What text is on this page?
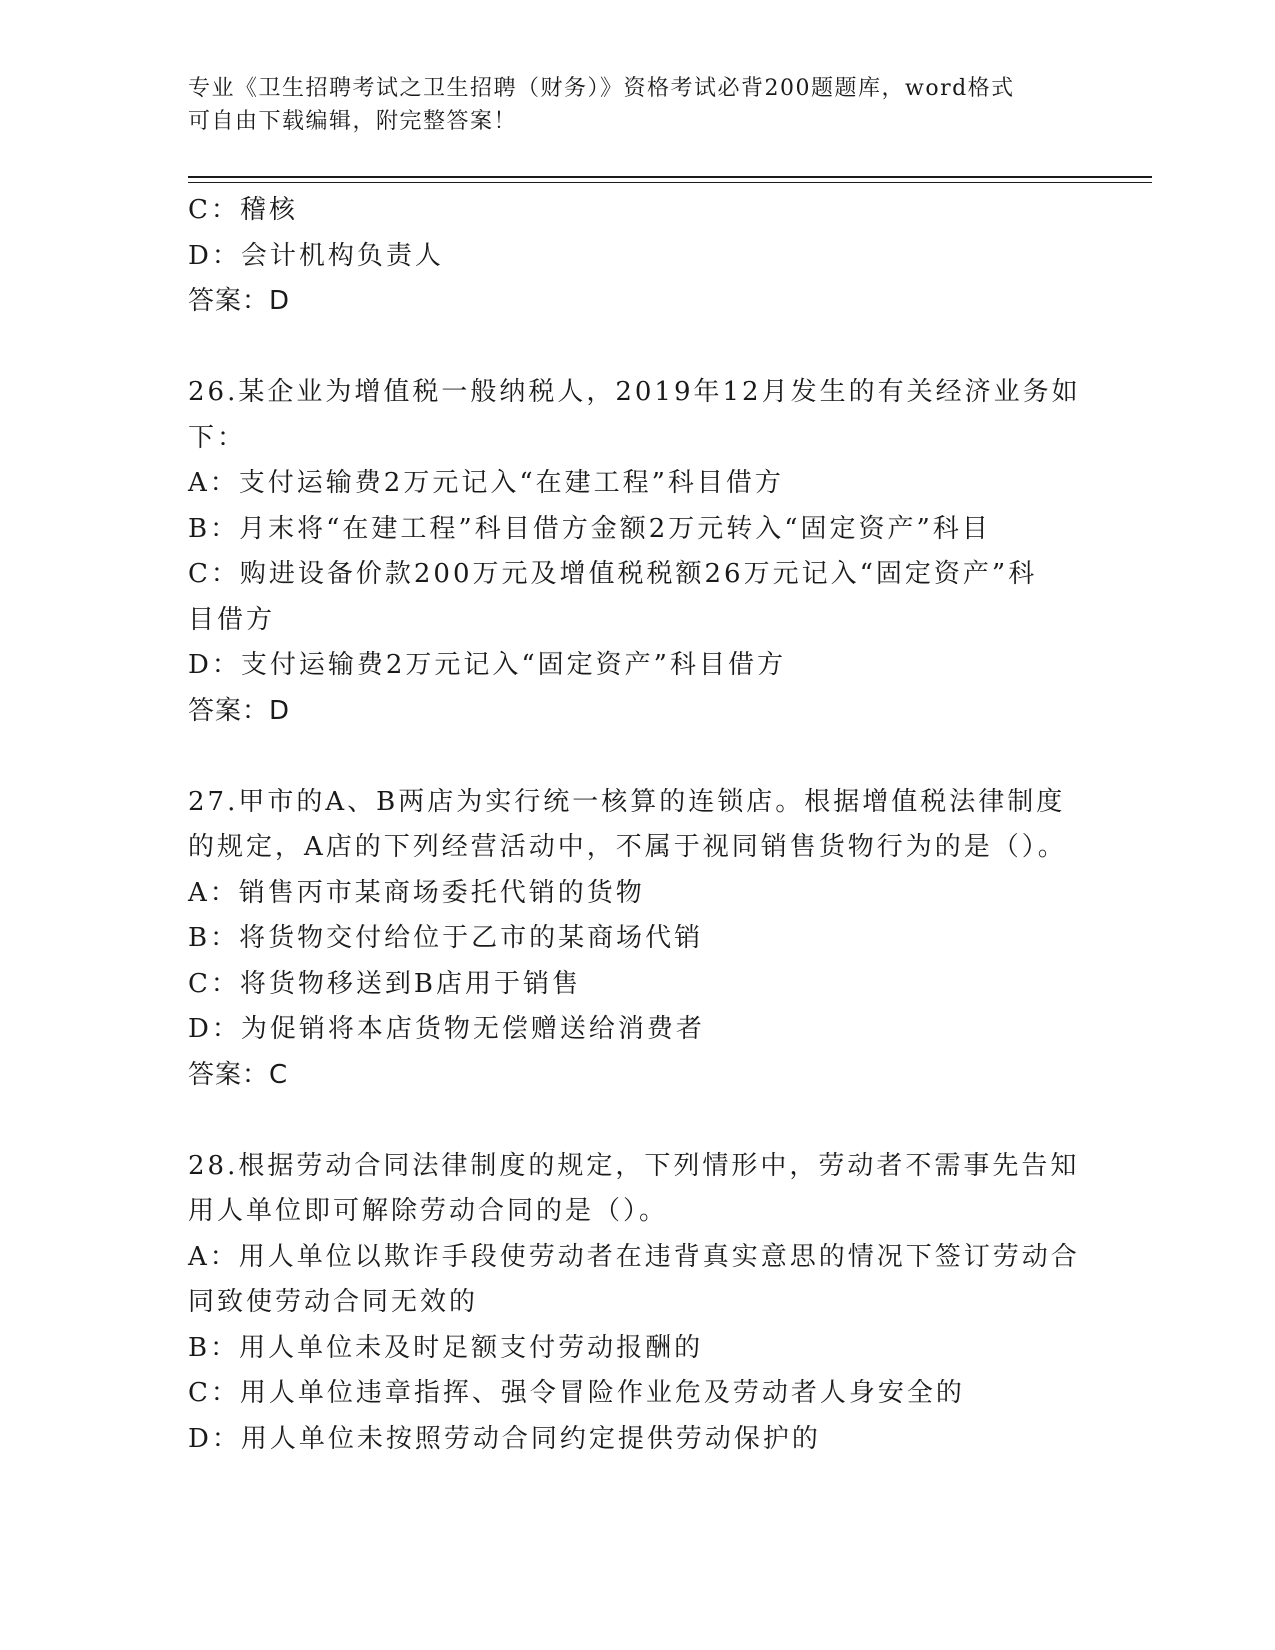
专业《卫生招聘考试之卫生招聘（财务）》资格考试必背200题题库，word格式
可自由下载编辑，附完整答案！
C：稽核
D：会计机构负责人
答案：D
26.某企业为增值税一般纳税人，2019年12月发生的有关经济业务如
下：
A：支付运输费2万元记入“在建工程”科目借方
B：月末将“在建工程”科目借方金额2万元转入“固定资产”科目
C：购进设备价款200万元及增值税税额26万元记入“固定资产”科
目借方
D：支付运输费2万元记入“固定资产”科目借方
答案：D
27.甲市的A、B两店为实行统一核算的连锁店。根据增值税法律制度
的规定，A店的下列经营活动中，不属于视同销售货物行为的是（）。
A：销售丙市某商场委托代销的货物
B：将货物交付给位于乙市的某商场代销
C：将货物移送到B店用于销售
D：为促销将本店货物无偿赠送给消费者
答案：C
28.根据劳动合同法律制度的规定，下列情形中，劳动者不需事先告知
用人单位即可解除劳动合同的是（）。
A：用人单位以欺诈手段使劳动者在违背真实意思的情况下签订劳动合
同致使劳动合同无效的
B：用人单位未及时足额支付劳动报酬的
C：用人单位违章指挥、强令冒险作业危及劳动者人身安全的
D：用人单位未按照劳动合同约定提供劳动保护的
